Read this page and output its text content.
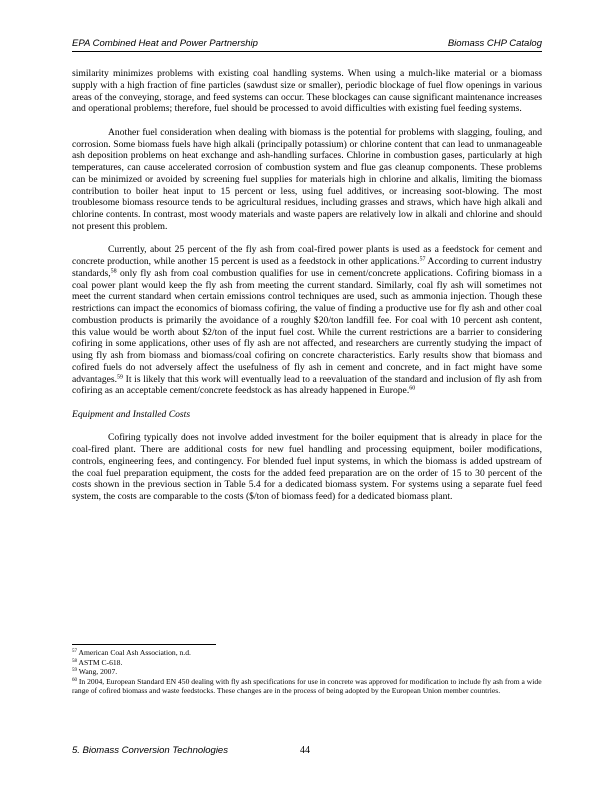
EPA Combined Heat and Power Partnership	Biomass CHP Catalog

similarity minimizes problems with existing coal handling systems. When using a mulch-like material or a biomass supply with a high fraction of fine particles (sawdust size or smaller), periodic blockage of fuel flow openings in various areas of the conveying, storage, and feed systems can occur. These blockages can cause significant maintenance increases and operational problems; therefore, fuel should be processed to avoid difficulties with existing fuel feeding systems.

Another fuel consideration when dealing with biomass is the potential for problems with slagging, fouling, and corrosion. Some biomass fuels have high alkali (principally potassium) or chlorine content that can lead to unmanageable ash deposition problems on heat exchange and ash-handling surfaces. Chlorine in combustion gases, particularly at high temperatures, can cause accelerated corrosion of combustion system and flue gas cleanup components. These problems can be minimized or avoided by screening fuel supplies for materials high in chlorine and alkalis, limiting the biomass contribution to boiler heat input to 15 percent or less, using fuel additives, or increasing soot-blowing. The most troublesome biomass resource tends to be agricultural residues, including grasses and straws, which have high alkali and chlorine contents. In contrast, most woody materials and waste papers are relatively low in alkali and chlorine and should not present this problem.

Currently, about 25 percent of the fly ash from coal-fired power plants is used as a feedstock for cement and concrete production, while another 15 percent is used as a feedstock in other applications.$^{57}$ According to current industry standards,$^{58}$ only fly ash from coal combustion qualifies for use in cement/concrete applications. Cofiring biomass in a coal power plant would keep the fly ash from meeting the current standard. Similarly, coal fly ash will sometimes not meet the current standard when certain emissions control techniques are used, such as ammonia injection. Though these restrictions can impact the economics of biomass cofiring, the value of finding a productive use for fly ash and other coal combustion products is primarily the avoidance of a roughly $20/ton landfill fee. For coal with 10 percent ash content, this value would be worth about $2/ton of the input fuel cost. While the current restrictions are a barrier to considering cofiring in some applications, other uses of fly ash are not affected, and researchers are currently studying the impact of using fly ash from biomass and biomass/coal cofiring on concrete characteristics. Early results show that biomass and cofired fuels do not adversely affect the usefulness of fly ash in cement and concrete, and in fact might have some advantages.$^{59}$ It is likely that this work will eventually lead to a reevaluation of the standard and inclusion of fly ash from cofiring as an acceptable cement/concrete feedstock as has already happened in Europe.$^{60}$

Equipment and Installed Costs

Cofiring typically does not involve added investment for the boiler equipment that is already in place for the coal-fired plant. There are additional costs for new fuel handling and processing equipment, boiler modifications, controls, engineering fees, and contingency. For blended fuel input systems, in which the biomass is added upstream of the coal fuel preparation equipment, the costs for the added feed preparation are on the order of 15 to 30 percent of the costs shown in the previous section in Table 5.4 for a dedicated biomass system. For systems using a separate fuel feed system, the costs are comparable to the costs ($/ton of biomass feed) for a dedicated biomass plant.

$^{57}$ American Coal Ash Association, n.d.
$^{58}$ ASTM C-618.
$^{59}$ Wang, 2007.
$^{60}$ In 2004, European Standard EN 450 dealing with fly ash specifications for use in concrete was approved for modification to include fly ash from a wide range of cofired biomass and waste feedstocks. These changes are in the process of being adopted by the European Union member countries.
5. Biomass Conversion Technologies	44
